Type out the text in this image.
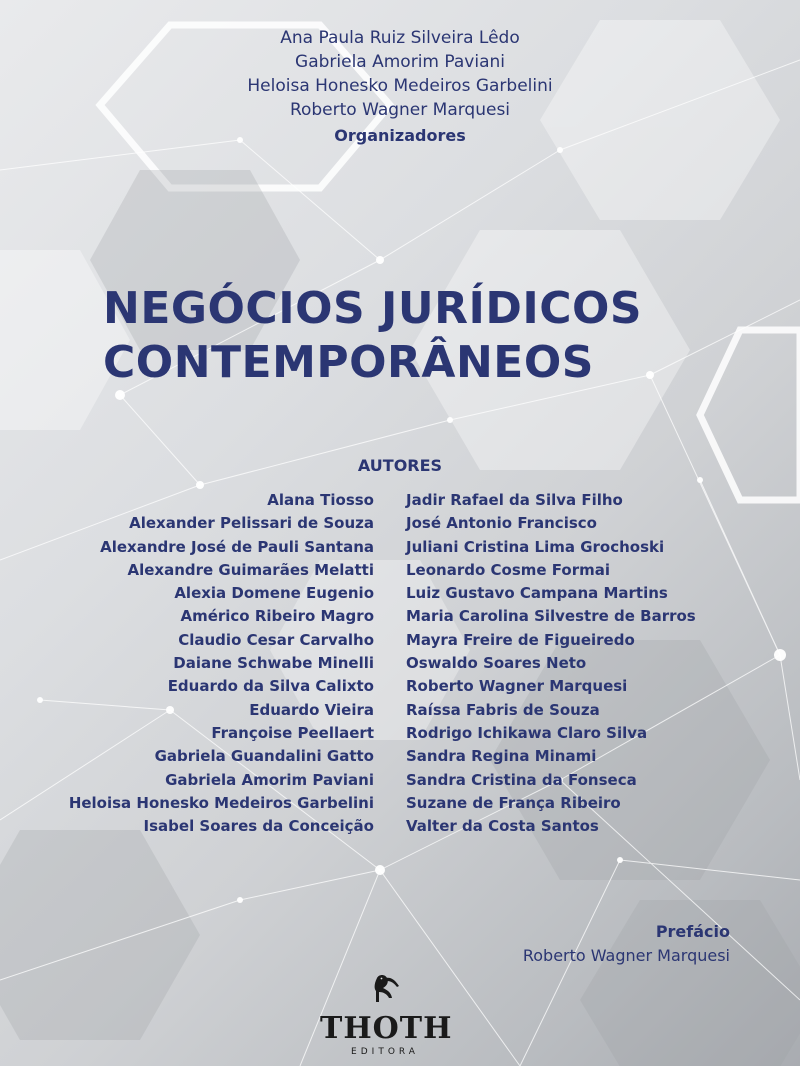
Ana Paula Ruiz Silveira Lêdo
Gabriela Amorim Paviani
Heloisa Honesko Medeiros Garbelini
Roberto Wagner Marquesi
Organizadores
NEGÓCIOS JURÍDICOS
CONTEMPORÂNEOS
AUTORES
Alana Tiosso
Alexander Pelissari de Souza
Alexandre José de Pauli Santana
Alexandre Guimarães Melatti
Alexia Domene Eugenio
Américo Ribeiro Magro
Claudio Cesar Carvalho
Daiane Schwabe Minelli
Eduardo da Silva Calixto
Eduardo Vieira
Françoise Peellaert
Gabriela Guandalini Gatto
Gabriela Amorim Paviani
Heloisa Honesko Medeiros Garbelini
Isabel Soares da Conceição
Jadir Rafael da Silva Filho
José Antonio Francisco
Juliani Cristina Lima Grochoski
Leonardo Cosme Formai
Luiz Gustavo Campana Martins
Maria Carolina Silvestre de Barros
Mayra Freire de Figueiredo
Oswaldo Soares Neto
Roberto Wagner Marquesi
Raíssa Fabris de Souza
Rodrigo Ichikawa Claro Silva
Sandra Regina Minami
Sandra Cristina da Fonseca
Suzane de França Ribeiro
Valter da Costa Santos
Prefácio
Roberto Wagner Marquesi
THOTH
EDITORA
